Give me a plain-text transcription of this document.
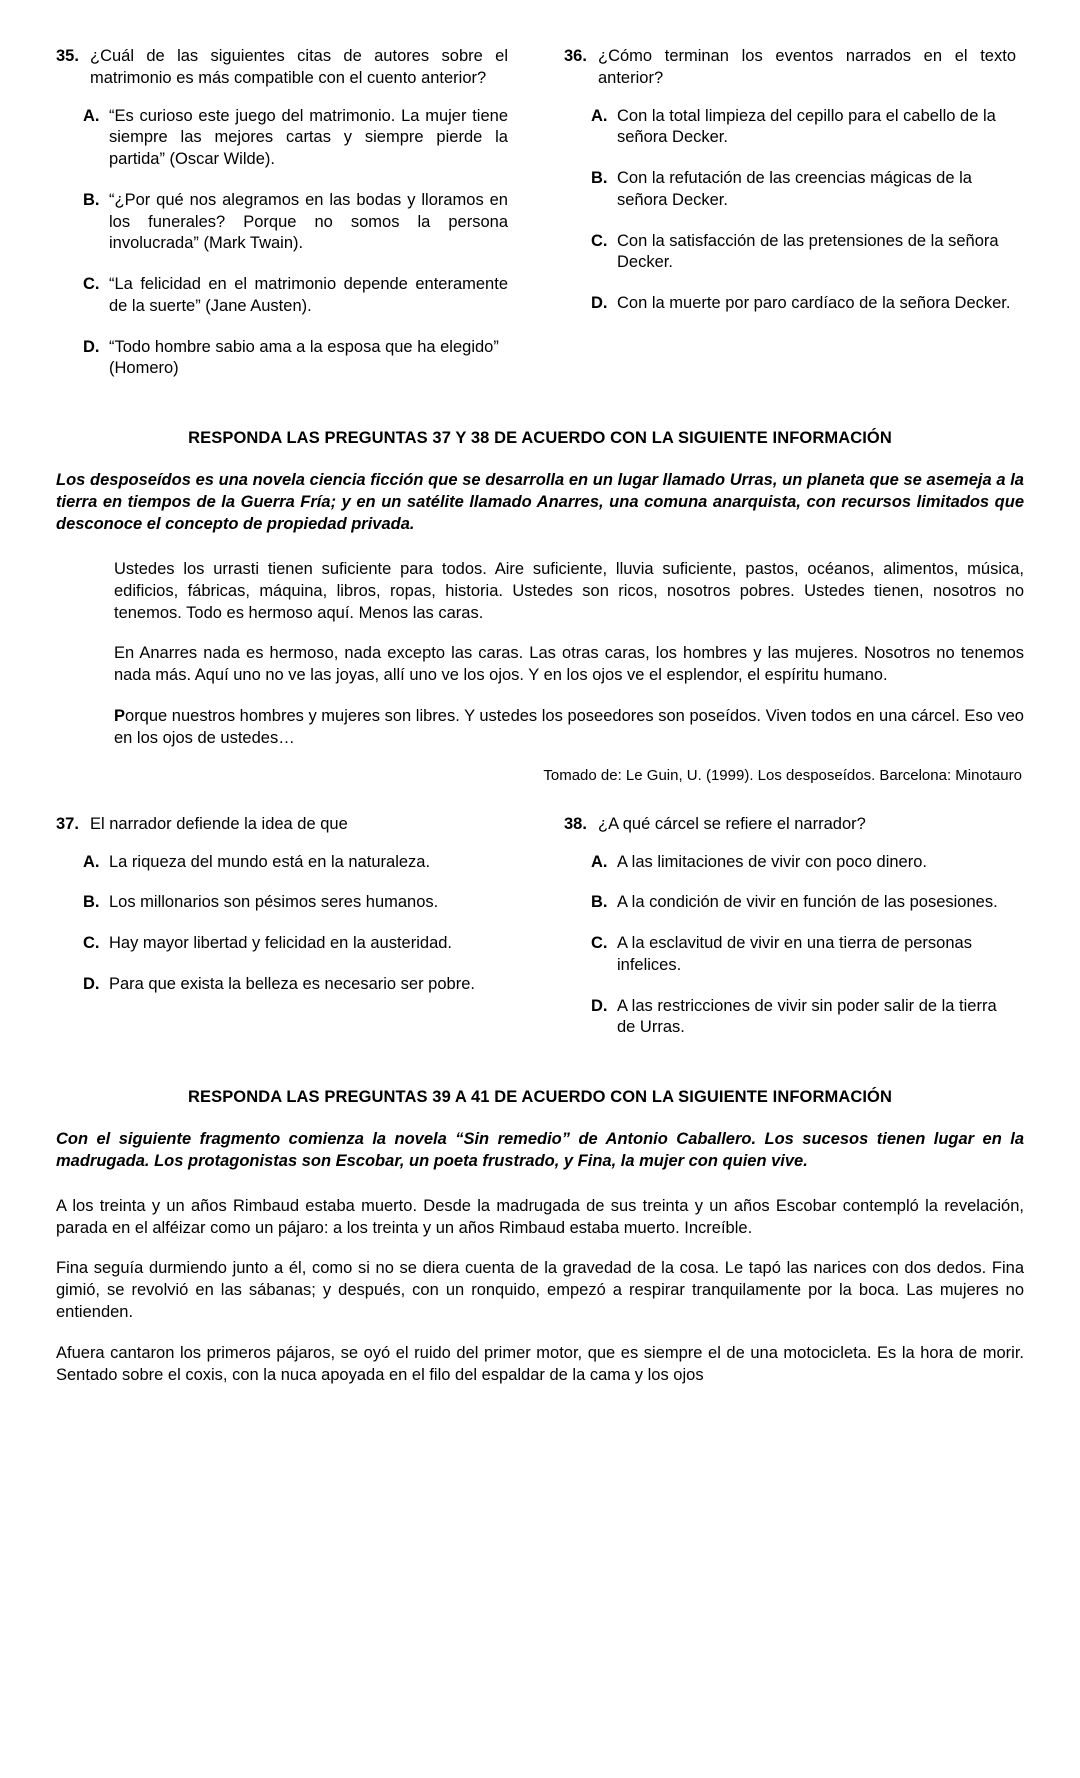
35. ¿Cuál de las siguientes citas de autores sobre el matrimonio es más compatible con el cuento anterior?
A. “Es curioso este juego del matrimonio. La mujer tiene siempre las mejores cartas y siempre pierde la partida” (Oscar Wilde).
B. “¿Por qué nos alegramos en las bodas y lloramos en los funerales? Porque no somos la persona involucrada” (Mark Twain).
C. “La felicidad en el matrimonio depende enteramente de la suerte” (Jane Austen).
D. “Todo hombre sabio ama a la esposa que ha elegido” (Homero)
36. ¿Cómo terminan los eventos narrados en el texto anterior?
A. Con la total limpieza del cepillo para el cabello de la señora Decker.
B. Con la refutación de las creencias mágicas de la señora Decker.
C. Con la satisfacción de las pretensiones de la señora Decker.
D. Con la muerte por paro cardíaco de la señora Decker.
RESPONDA LAS PREGUNTAS 37 Y 38 DE ACUERDO CON LA SIGUIENTE INFORMACIÓN
Los desposeídos es una novela ciencia ficción que se desarrolla en un lugar llamado Urras, un planeta que se asemeja a la tierra en tiempos de la Guerra Fría; y en un satélite llamado Anarres, una comuna anarquista, con recursos limitados que desconoce el concepto de propiedad privada.
Ustedes los urrasti tienen suficiente para todos. Aire suficiente, lluvia suficiente, pastos, océanos, alimentos, música, edificios, fábricas, máquina, libros, ropas, historia. Ustedes son ricos, nosotros pobres. Ustedes tienen, nosotros no tenemos. Todo es hermoso aquí. Menos las caras.
En Anarres nada es hermoso, nada excepto las caras. Las otras caras, los hombres y las mujeres. Nosotros no tenemos nada más. Aquí uno no ve las joyas, allí uno ve los ojos. Y en los ojos ve el esplendor, el espíritu humano.
Porque nuestros hombres y mujeres son libres. Y ustedes los poseedores son poseídos. Viven todos en una cárcel. Eso veo en los ojos de ustedes…
Tomado de: Le Guin, U. (1999). Los desposeídos. Barcelona: Minotauro
37. El narrador defiende la idea de que
A. La riqueza del mundo está en la naturaleza.
B. Los millonarios son pésimos seres humanos.
C. Hay mayor libertad y felicidad en la austeridad.
D. Para que exista la belleza es necesario ser pobre.
38. ¿A qué cárcel se refiere el narrador?
A. A las limitaciones de vivir con poco dinero.
B. A la condición de vivir en función de las posesiones.
C. A la esclavitud de vivir en una tierra de personas infelices.
D. A las restricciones de vivir sin poder salir de la tierra de Urras.
RESPONDA LAS PREGUNTAS 39 A 41 DE ACUERDO CON LA SIGUIENTE INFORMACIÓN
Con el siguiente fragmento comienza la novela “Sin remedio” de Antonio Caballero. Los sucesos tienen lugar en la madrugada. Los protagonistas son Escobar, un poeta frustrado, y Fina, la mujer con quien vive.
A los treinta y un años Rimbaud estaba muerto. Desde la madrugada de sus treinta y un años Escobar contempló la revelación, parada en el alféizar como un pájaro: a los treinta y un años Rimbaud estaba muerto. Increíble.
Fina seguía durmiendo junto a él, como si no se diera cuenta de la gravedad de la cosa. Le tapó las narices con dos dedos. Fina gimió, se revolvió en las sábanas; y después, con un ronquido, empezó a respirar tranquilamente por la boca. Las mujeres no entienden.
Afuera cantaron los primeros pájaros, se oyó el ruido del primer motor, que es siempre el de una motocicleta. Es la hora de morir. Sentado sobre el coxis, con la nuca apoyada en el filo del espaldar de la cama y los ojos
